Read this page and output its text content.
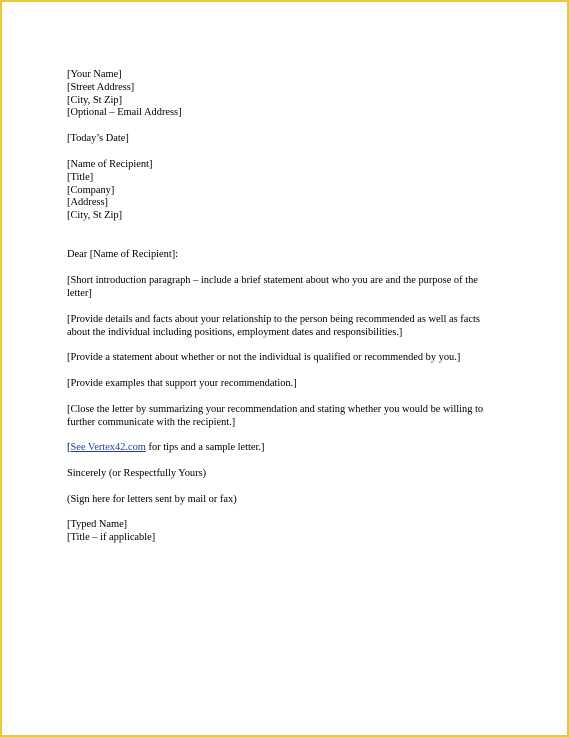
[Your Name]
[Street Address]
[City, St Zip]
[Optional – Email Address]
[Today’s Date]
[Name of Recipient]
[Title]
[Company]
[Address]
[City, St Zip]
Dear [Name of Recipient]:
[Short introduction paragraph – include a brief statement about who you are and the purpose of the letter]
[Provide details and facts about your relationship to the person being recommended as well as facts about the individual including positions, employment dates and responsibilities.]
[Provide a statement about whether or not the individual is qualified or recommended by you.]
[Provide examples that support your recommendation.]
[Close the letter by summarizing your recommendation and stating whether you would be willing to further communicate with the recipient.]
[See Vertex42.com for tips and a sample letter.]
Sincerely (or Respectfully Yours)
(Sign here for letters sent by mail or fax)
[Typed Name]
[Title – if applicable]
